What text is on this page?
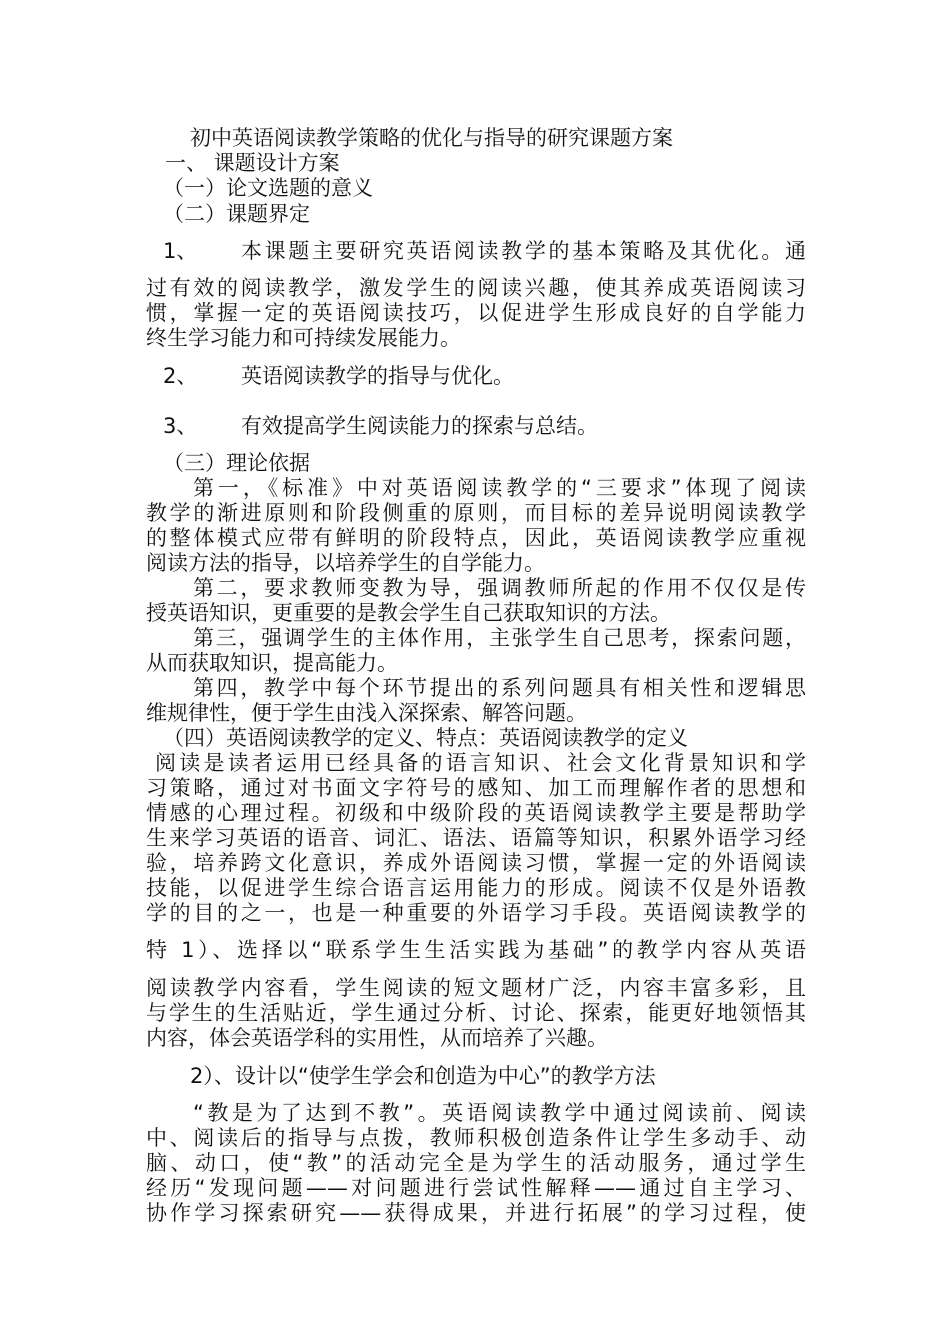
初中英语阅读教学策略的优化与指导的研究课题方案
一、 课题设计方案
（一）论文选题的意义
（二）课题界定
1、 本课题主要研究英语阅读教学的基本策略及其优化。通
过有效的阅读教学，激发学生的阅读兴趣，使其养成英语阅读习
惯，掌握一定的英语阅读技巧，以促进学生形成良好的自学能力
终生学习能力和可持续发展能力。
2、 英语阅读教学的指导与优化。
3、 有效提高学生阅读能力的探索与总结。
（三）理论依据
第一，《标准》中对英语阅读教学的“三要求”体现了阅读
教学的渐进原则和阶段侧重的原则，而目标的差异说明阅读教学
的整体模式应带有鲜明的阶段特点，因此，英语阅读教学应重视
阅读方法的指导，以培养学生的自学能力。
第二，要求教师变教为导，强调教师所起的作用不仅仅是传
授英语知识，更重要的是教会学生自己获取知识的方法。
第三，强调学生的主体作用，主张学生自己思考，探索问题，
从而获取知识，提高能力。
第四，教学中每个环节提出的系列问题具有相关性和逻辑思
维规律性，便于学生由浅入深探索、解答问题。
（四）英语阅读教学的定义、特点：英语阅读教学的定义
阅读是读者运用已经具备的语言知识、社会文化背景知识和学
习策略，通过对书面文字符号的感知、加工而理解作者的思想和
情感的心理过程。初级和中级阶段的英语阅读教学主要是帮助学
生来学习英语的语音、词汇、语法、语篇等知识，积累外语学习经
验，培养跨文化意识，养成外语阅读习惯，掌握一定的外语阅读
技能，以促进学生综合语言运用能力的形成。阅读不仅是外语教
学的目的之一，也是一种重要的外语学习手段。英语阅读教学的
特 1）、选择以“联系学生生活实践为基础”的教学内容从英语
阅读教学内容看，学生阅读的短文题材广泛，内容丰富多彩，且
与学生的生活贴近，学生通过分析、讨论、探索，能更好地领悟其
内容，体会英语学科的实用性，从而培养了兴趣。
2）、设计以“使学生学会和创造为中心”的教学方法
“教是为了达到不教”。英语阅读教学中通过阅读前、阅读
中、阅读后的指导与点拨，教师积极创造条件让学生多动手、动
脑、动口，使“教”的活动完全是为学生的活动服务，通过学生
经历“发现问题——对问题进行尝试性解释——通过自主学习、
协作学习探索研究——获得成果，并进行拓展”的学习过程，使
